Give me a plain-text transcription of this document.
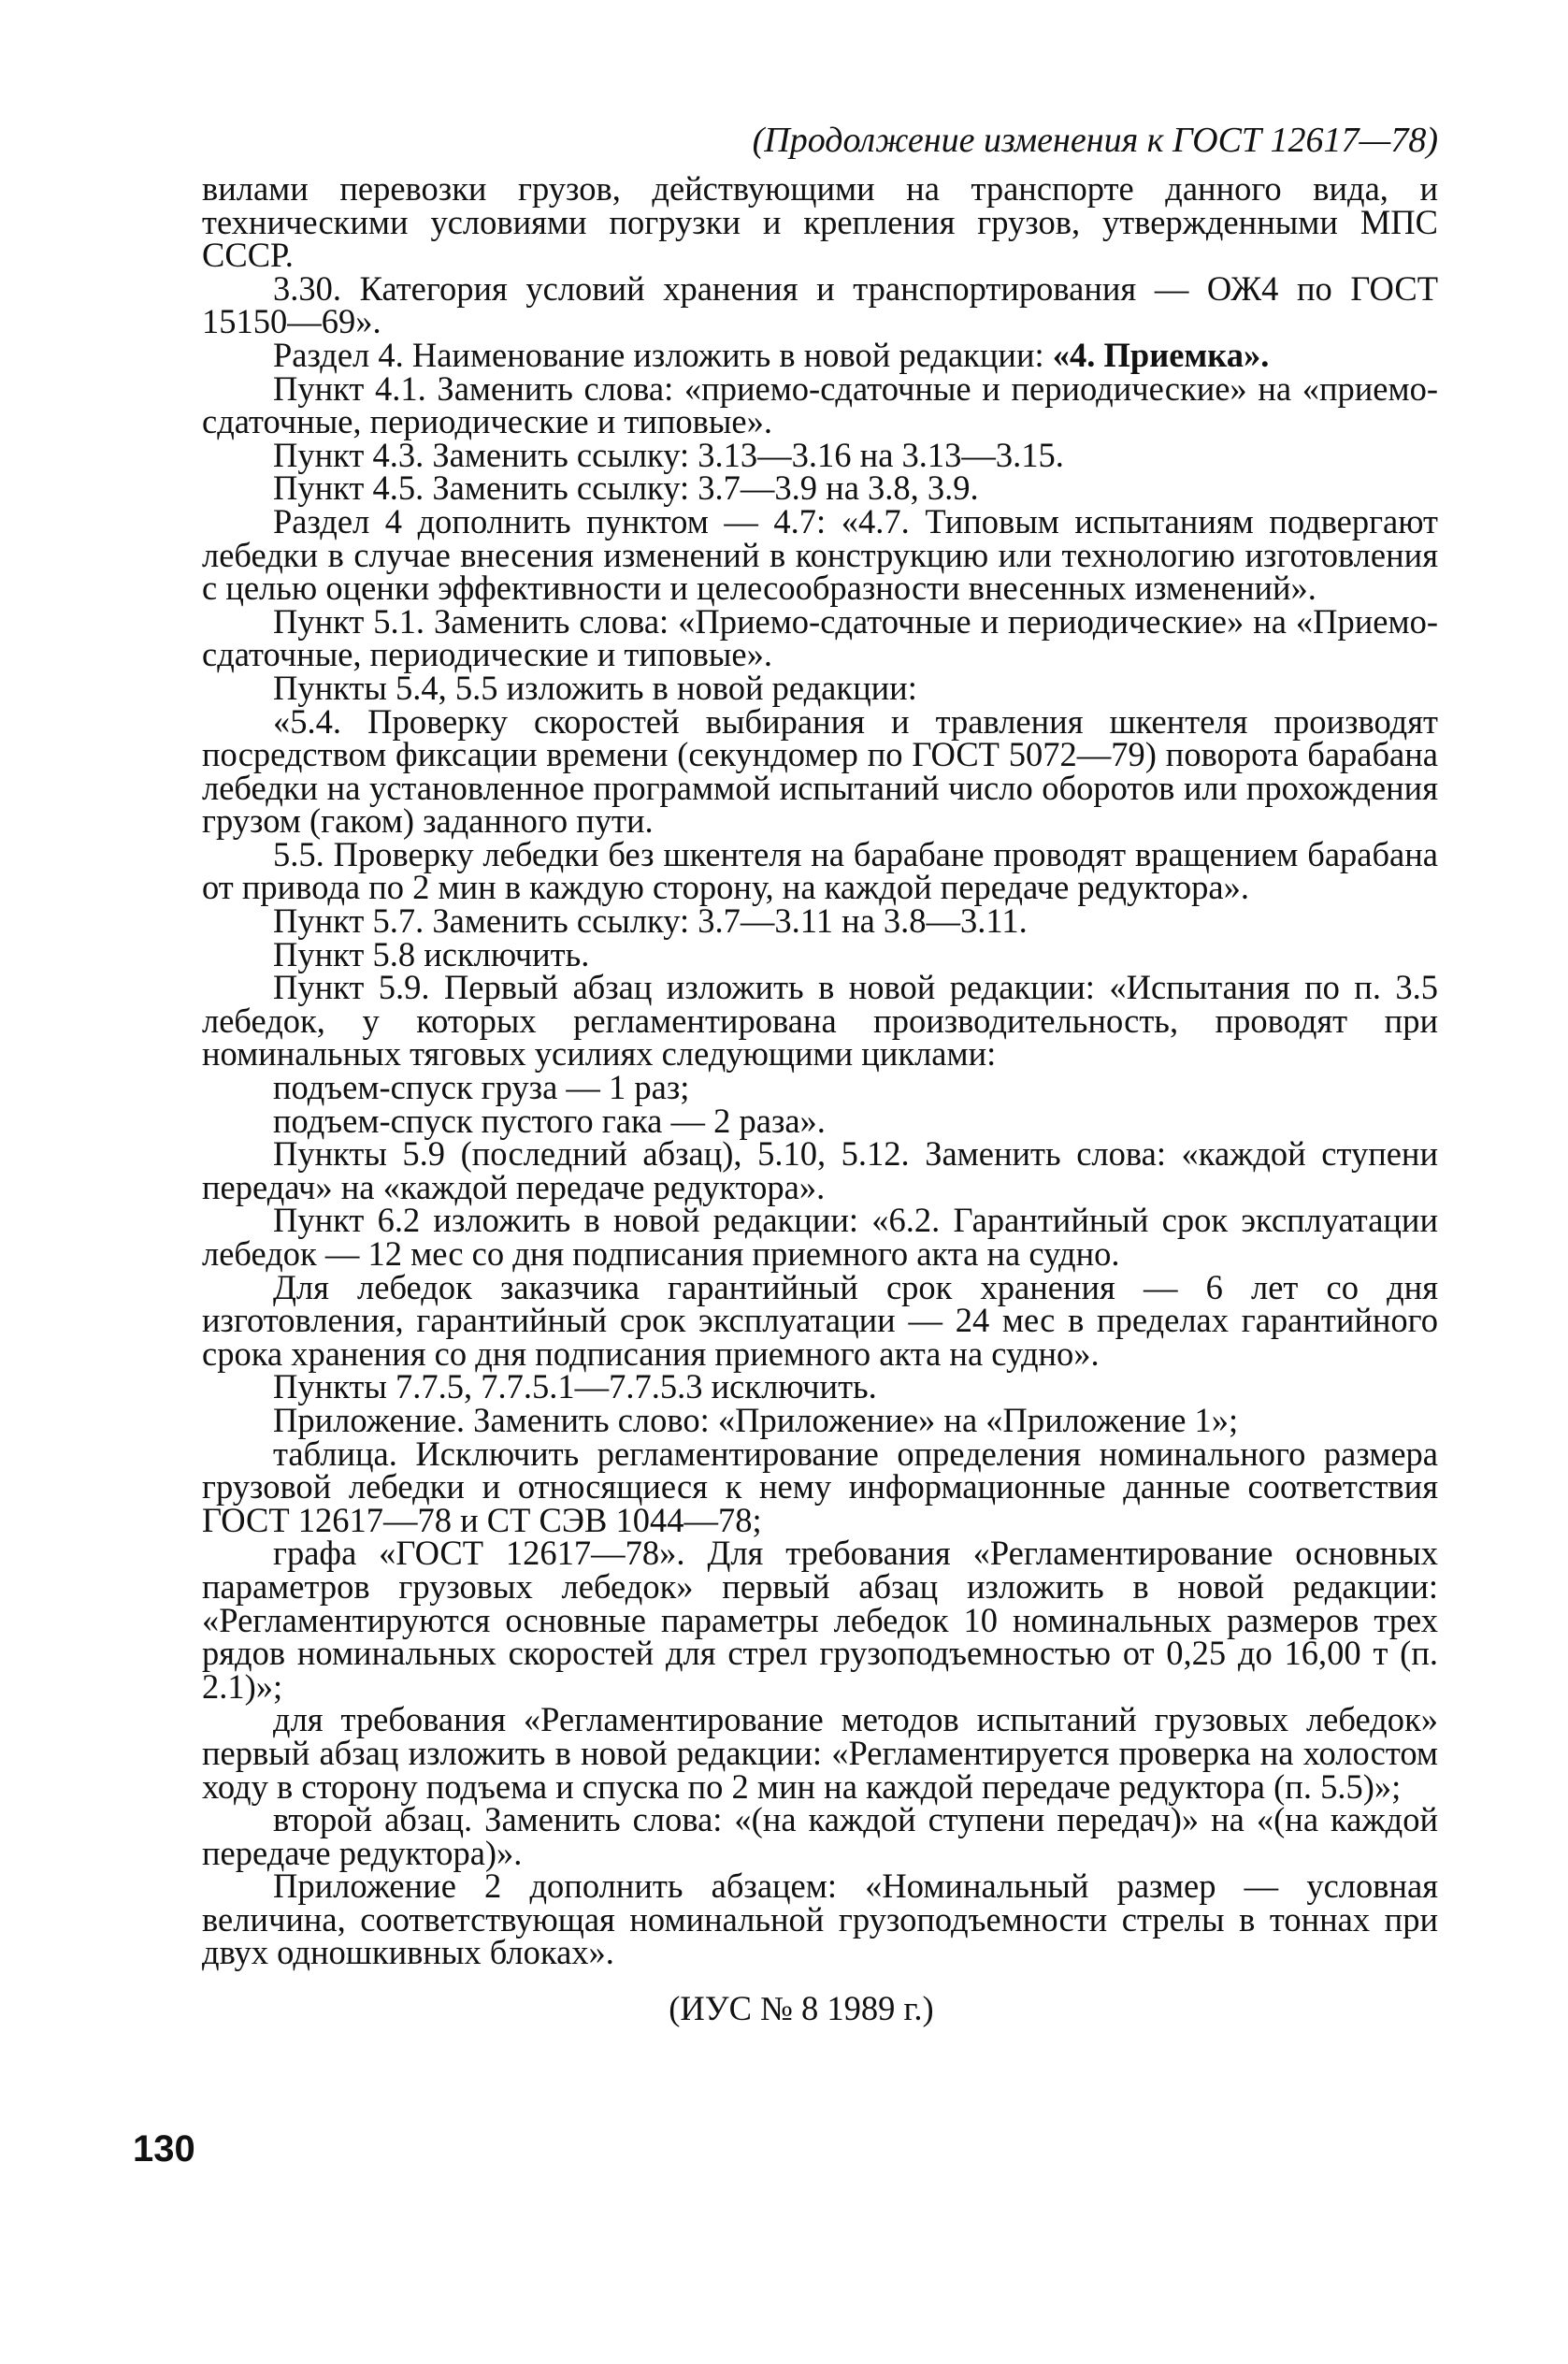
(Продолжение изменения к ГОСТ 12617—78)

вилами перевозки грузов, действующими на транспорте данного вида, и техническими условиями погрузки и крепления грузов, утвержденными МПС СССР.

3.30. Категория условий хранения и транспортирования — ОЖ4 по ГОСТ 15150—69».

Раздел 4. Наименование изложить в новой редакции: «4. Приемка».

Пункт 4.1. Заменить слова: «приемо-сдаточные и периодические» на «приемо-сдаточные, периодические и типовые».

Пункт 4.3. Заменить ссылку: 3.13—3.16 на 3.13—3.15.

Пункт 4.5. Заменить ссылку: 3.7—3.9 на 3.8, 3.9.

Раздел 4 дополнить пунктом — 4.7: «4.7. Типовым испытаниям подвергают лебедки в случае внесения изменений в конструкцию или технологию изготовления с целью оценки эффективности и целесообразности внесенных изменений».

Пункт 5.1. Заменить слова: «Приемо-сдаточные и периодические» на «Приемо-сдаточные, периодические и типовые».

Пункты 5.4, 5.5 изложить в новой редакции:

«5.4. Проверку скоростей выбирания и травления шкентеля производят посредством фиксации времени (секундомер по ГОСТ 5072—79) поворота барабана лебедки на установленное программой испытаний число оборотов или прохождения грузом (гаком) заданного пути.

5.5. Проверку лебедки без шкентеля на барабане проводят вращением барабана от привода по 2 мин в каждую сторону, на каждой передаче редуктора».

Пункт 5.7. Заменить ссылку: 3.7—3.11 на 3.8—3.11.

Пункт 5.8 исключить.

Пункт 5.9. Первый абзац изложить в новой редакции: «Испытания по п. 3.5 лебедок, у которых регламентирована производительность, проводят при номинальных тяговых усилиях следующими циклами:

подъем-спуск груза — 1 раз;

подъем-спуск пустого гака — 2 раза».

Пункты 5.9 (последний абзац), 5.10, 5.12. Заменить слова: «каждой ступени передач» на «каждой передаче редуктора».

Пункт 6.2 изложить в новой редакции: «6.2. Гарантийный срок эксплуатации лебедок — 12 мес со дня подписания приемного акта на судно.

Для лебедок заказчика гарантийный срок хранения — 6 лет со дня изготовления, гарантийный срок эксплуатации — 24 мес в пределах гарантийного срока хранения со дня подписания приемного акта на судно».

Пункты 7.7.5, 7.7.5.1—7.7.5.3 исключить.

Приложение. Заменить слово: «Приложение» на «Приложение 1»;

таблица. Исключить регламентирование определения номинального размера грузовой лебедки и относящиеся к нему информационные данные соответствия ГОСТ 12617—78 и СТ СЭВ 1044—78;

графа «ГОСТ 12617—78». Для требования «Регламентирование основных параметров грузовых лебедок» первый абзац изложить в новой редакции: «Регламентируются основные параметры лебедок 10 номинальных размеров трех рядов номинальных скоростей для стрел грузоподъемностью от 0,25 до 16,00 т (п. 2.1)»;

для требования «Регламентирование методов испытаний грузовых лебедок» первый абзац изложить в новой редакции: «Регламентируется проверка на холостом ходу в сторону подъема и спуска по 2 мин на каждой передаче редуктора (п. 5.5)»;

второй абзац. Заменить слова: «(на каждой ступени передач)» на «(на каждой передаче редуктора)».

Приложение 2 дополнить абзацем: «Номинальный размер — условная величина, соответствующая номинальной грузоподъемности стрелы в тоннах при двух одношкивных блоках».

(ИУС № 8 1989 г.)

130
